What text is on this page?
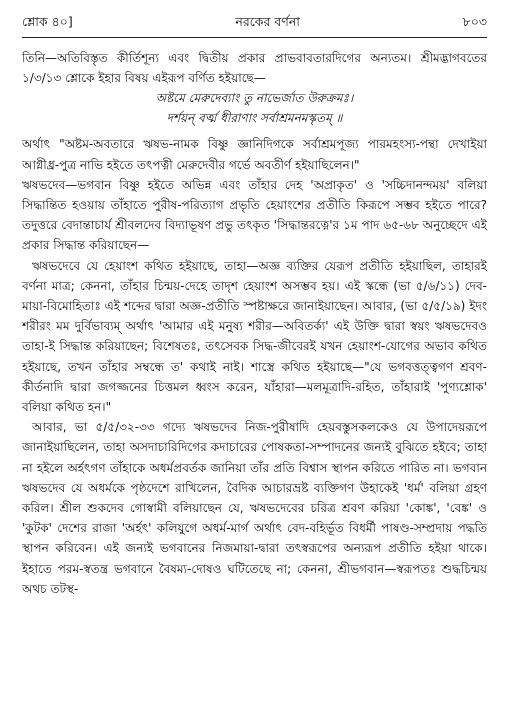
শ্লোক ৪০]	নরকের বর্ণনা	৮০৩

তিনি—অতিবিস্তৃত কীর্তিশূন্য এবং দ্বিতীয় প্রকার প্রাভবাবতারদিগের অন্যতম। শ্রীমদ্ভাগবতের ১/৩/১৩ শ্লোকে ইহার বিষয় এইরূপ বর্ণিত হইয়াছে—

অষ্টমে মেরুদেব্যাং তু নাভের্জাত উরুক্রমঃ।
দর্শয়ন্ বর্ত্ম ধীরাণাং সর্বাশ্রমনমস্কৃতম্ ॥

অর্থাৎ "অষ্টম-অবতারে ঋষভ-নামক বিষ্ণু জ্ঞানিদিগকে সর্বাশ্রমপূজ্য পারমহংস্য-পন্থা দেখাইয়া আগ্নীধ্র-পুত্র নাভি হইতে তৎপত্নী মেরুদেবীর গর্ভে অবতীর্ণ হইয়াছিলেন।"

ঋষভদেব—ভগবান বিষ্ণু হইতে অভিন্ন এবং তাঁহার দেহ 'অপ্রাকৃত' ও 'সচ্চিদানন্দময়' বলিয়া সিদ্ধান্তিত হওয়ায় তাঁহাতে পুরীষ-পরিত্যাগ প্রভৃতি হেয়াংশের প্রতীতি কিরূপে সম্ভব হইতে পারে? তদুত্তরে বেদান্তাচার্য শ্রীবলদেব বিদ্যাভূষণ প্রভু তৎকৃত 'সিদ্ধান্তরত্নে'র ১ম পাদ ৬৫-৬৮ অনুচ্ছেদে এই প্রকার সিদ্ধান্ত করিয়াছেন—

ঋষভদেবে যে হেয়াংশ কথিত হইয়াছে, তাহা—অজ্ঞ ব্যক্তির যেরূপ প্রতীতি হইয়াছিল, তাহারই বর্ণনা মাত্র; কেননা, তাঁহার চিন্ময়-দেহে তাদৃশ হেয়াংশ অসম্ভব হয়। এই স্কন্ধে (ভা ৫/৬/১১) দেব-মায়া-বিমোহিতাঃ এই শব্দের দ্বারা অজ্ঞ-প্রতীতি স্পষ্টাক্ষরে জানাইয়াছেন। আবার, (ভা ৫/৫/১৯) ইদং শরীরং মম দুর্বিভাব্যম্ অর্থাৎ 'আমার এই মনুষ্য শরীর—অবিতর্ক্য' এই উক্তি দ্বারা স্বয়ং ঋষভদেবও তাহা-ই সিদ্ধান্ত করিয়াছেন; বিশেষতঃ, তৎসেবক সিদ্ধ-জীবেরই যখন হেয়াংশ-যোগের অভাব কথিত হইয়াছে, তখন তাঁহার সম্বন্ধে ত' কথাই নাই। শাস্ত্রে কথিত হইয়াছে—"যে ভগবত্তত্ত্বগণ শ্রবণ-কীর্তনাদি দ্বারা জগজ্জনের চিত্তমল ধ্বংস করেন, যাঁহারা—মলমূত্রাদি-রহিত, তাঁহারাই 'পুণ্যশ্লোক' বলিয়া কথিত হন।"

আবার, ভা ৫/৫/৩২-৩৩ গদ্যে ঋষভদেব নিজ-পুরীষাদি হেয়বস্তুসকলকেও যে উপাদেয়রূপে জানাইয়াছিলেন, তাহা অসদাচারিদিগের কদাচারের পোষকতা-সম্পাদনের জন্যই বুঝিতে হইবে; তাহা না হইলে অর্হৎগণ তাঁহাকে অধর্মপ্রবর্তক জানিয়া তাঁর প্রতি বিশ্বাস স্থাপন করিতে পারিত না। ভগবান ঋষভদেব যে অধর্মকে পৃষ্ঠদেশে রাখিলেন, বৈদিক আচারভ্রষ্ট ব্যক্তিগণ উহাকেই 'ধর্ম' বলিয়া গ্রহণ করিল। শ্রীল শুকদেব গোস্বামী বলিয়াছেন যে, ঋষভদেবের চরিত্র শ্রবণ করিয়া 'কোঙ্ক', 'বেঙ্ক' ও 'কুটক' দেশের রাজা 'অর্হৎ' কলিযুগে অধর্ম-মার্গ অর্থাৎ বেদ-বহির্ভূত বিধর্মী পাষণ্ড-সম্প্রদায় পদ্ধতি স্থাপন করিবেন। এই জন্যই ভগবানের নিজমায়া-দ্বারা তৎস্বরূপের অন্যরূপ প্রতীতি হইয়া থাকে। ইহাতে পরম-স্বতন্ত্র ভগবানে বৈষম্য-দোষও ঘটিতেছে না; কেননা, শ্রীভগবান—স্বরূপতঃ শুদ্ধচিন্ময় অথচ তটস্থ-
